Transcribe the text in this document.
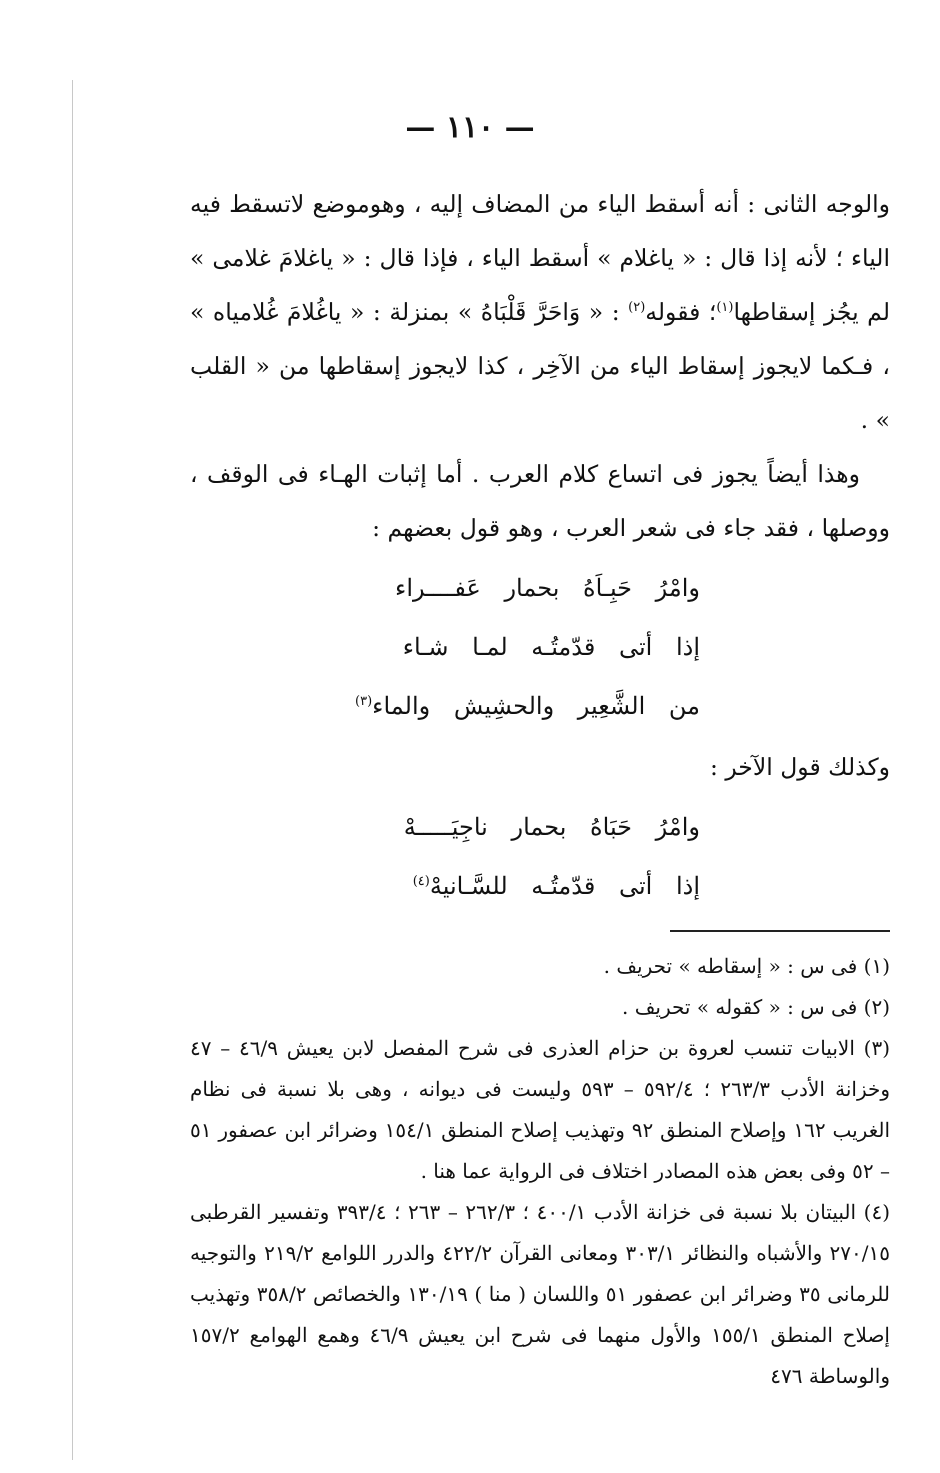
— ١١٠ —

والوجه الثانى : أنه أسقط الياء من المضاف إليه ، وهوموضع لاتسقط فيه الياء ؛ لأنه إذا قال : « ياغلام » أسقط الياء ، فإذا قال : « ياغلامَ غلامى » لم يجُز إسقاطها$^{(١)}$؛ فقوله$^{(٢)}$ : « وَاحَرَّ قَلْبَاهُ » بمنزلة : « ياغُلامَ غُلامياه » ، فـكما لايجوز إسقاط الياء من الآخِر ، كذا لايجوز إسقاطها من « القلب » .

وهذا أيضاً يجوز فى اتساع كلام العرب . أما إثبات الهـاء فى الوقف ، ووصلها ، فقد جاء فى شعر العرب ، وهو قول بعضهم :

وامْرُ حَبِـاَهُ بحمار عَفــــراء

إذا أتى قدّمتُـه لمـا شـاء

من الشَّعِير والحشِيش والماء$^{(٣)}$

وكذلك قول الآخر :

وامْرُ حَبَاهُ بحمار ناجِيَـــــهْ

إذا أتى قدّمتُـه للسَّـانيهْ$^{(٤)}$

(١) فى س : « إسقاطه » تحريف .

(٢) فى س : « كقوله » تحريف .

(٣) الابيات تنسب لعروة بن حزام العذرى فى شرح المفصل لابن يعيش ٤٦/٩ – ٤٧ وخزانة الأدب ٢٦٣/٣ ؛ ٥٩٢/٤ – ٥٩٣ وليست فى ديوانه ، وهى بلا نسبة فى نظام الغريب ١٦٢ وإصلاح المنطق ٩٢ وتهذيب إصلاح المنطق ١٥٤/١ وضرائر ابن عصفور ٥١ – ٥٢ وفى بعض هذه المصادر اختلاف فى الرواية عما هنا .

(٤) البيتان بلا نسبة فى خزانة الأدب ٤٠٠/١ ؛ ٢٦٢/٣ – ٢٦٣ ؛ ٣٩٣/٤ وتفسير القرطبى ٢٧٠/١٥ والأشباه والنظائر ٣٠٣/١ ومعانى القرآن ٤٢٢/٢ والدرر اللوامع ٢١٩/٢ والتوجيه للرمانى ٣٥ وضرائر ابن عصفور ٥١ واللسان ( منا ) ١٣٠/١٩ والخصائص ٣٥٨/٢ وتهذيب إصلاح المنطق ١٥٥/١ والأول منهما فى شرح ابن يعيش ٤٦/٩ وهمع الهوامع ١٥٧/٢ والوساطة ٤٧٦
